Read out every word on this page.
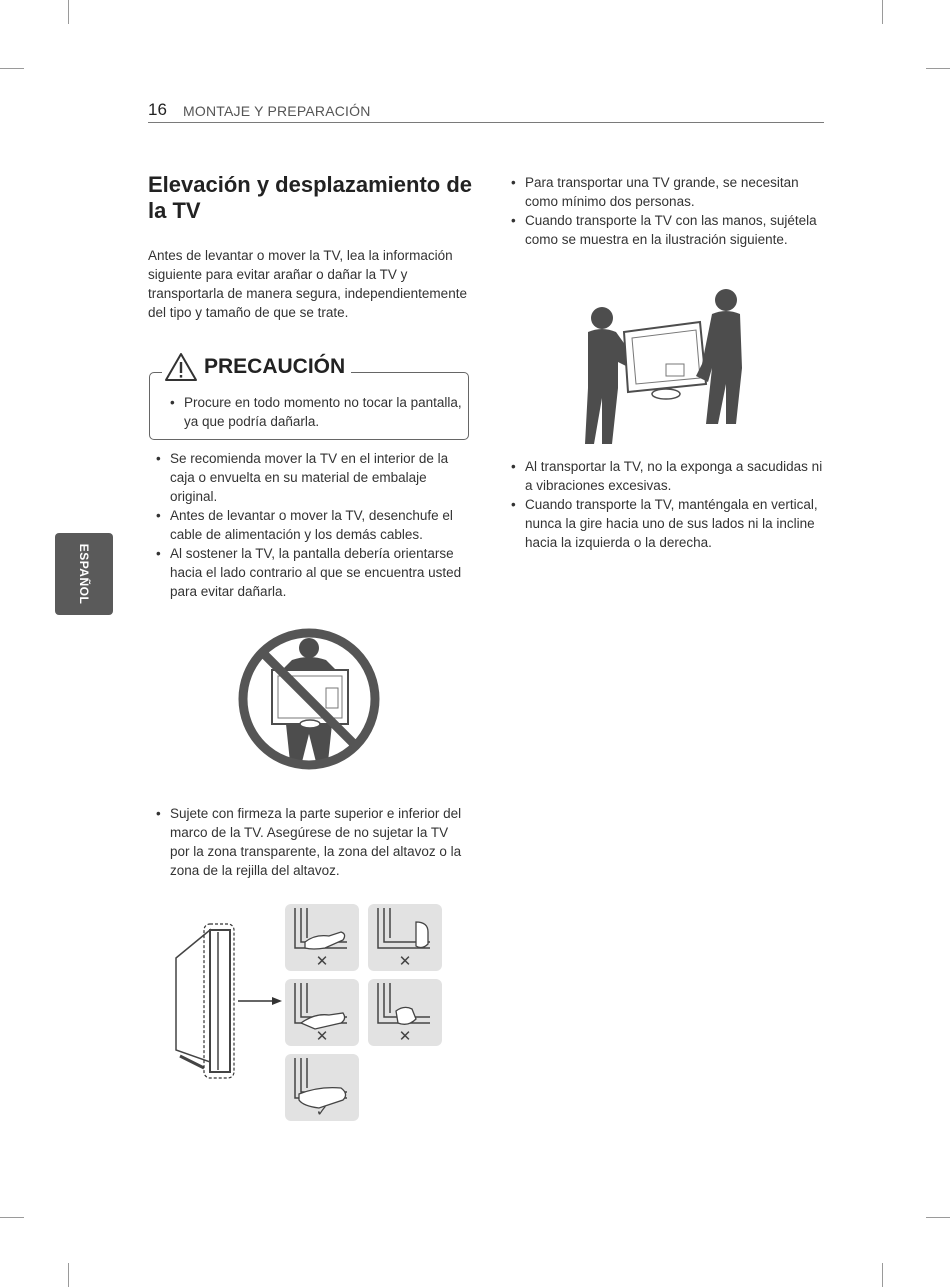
16 MONTAJE Y PREPARACIÓN
ESPAÑOL
Elevación y desplazamiento de la TV

Antes de levantar o mover la TV, lea la información siguiente para evitar arañar o dañar la TV y transportarla de manera segura, independientemente del tipo y tamaño de que se trate.

PRECAUCIÓN
• Procure en todo momento no tocar la pantalla, ya que podría dañarla.
• Se recomienda mover la TV en el interior de la caja o envuelta en su material de embalaje original.
• Antes de levantar o mover la TV, desenchufe el cable de alimentación y los demás cables.
• Al sostener la TV, la pantalla debería orientarse hacia el lado contrario al que se encuentra usted para evitar dañarla.
• Sujete con firmeza la parte superior e inferior del marco de la TV. Asegúrese de no sujetar la TV por la zona transparente, la zona del altavoz o la zona de la rejilla del altavoz.
✕	✕
✕	✕
✓
• Para transportar una TV grande, se necesitan como mínimo dos personas.
• Cuando transporte la TV con las manos, sujétela como se muestra en la ilustración siguiente.
• Al transportar la TV, no la exponga a sacudidas ni a vibraciones excesivas.
• Cuando transporte la TV, manténgala en vertical, nunca la gire hacia uno de sus lados ni la incline hacia la izquierda o la derecha.
